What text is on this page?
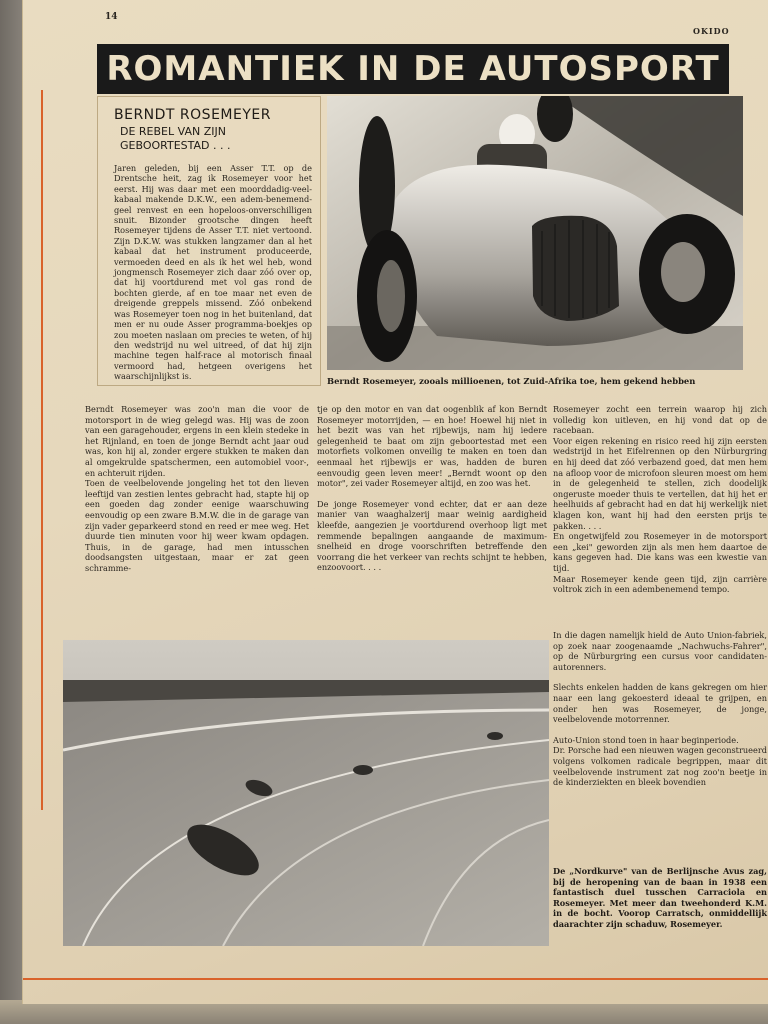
14
OKIDO
ROMANTIEK IN DE AUTOSPORT
BERNDT ROSEMEYER
DE REBEL VAN ZIJN GEBOORTESTAD . . .
Jaren geleden, bij een Asser T.T. op de Drentsche heit, zag ik Rosemeyer voor het eerst. Hij was daar met een moorddadig-veel-kabaal makende D.K.W., een adem-benemend-geel renvest en een hopeloos-onverschilligen snuit. Bizonder grootsche dingen heeft Rosemeyer tijdens de Asser T.T. niet vertoond. Zijn D.K.W. was stukken langzamer dan al het kabaal dat het instrument produceerde, vermoeden deed en als ik het wel heb, wond jongmensch Rosemeyer zich daar zóó over op, dat hij voortdurend met vol gas rond de bochten gierde, af en toe maar net even de dreigende greppels missend. Zóó onbekend was Rosemeyer toen nog in het buitenland, dat men er nu oude Asser programma-boekjes op zou moeten naslaan om precies te weten, of hij den wedstrijd nu wel uitreed, of dat hij zijn machine tegen half-race al motorisch finaal vermoord had, hetgeen overigens het waarschijnlijkst is.	Berndt Rosemeyer, zooals millioenen, tot Zuid-Afrika toe, hem gekend hebben

Berndt Rosemeyer was zoo'n man die voor de motorsport in de wieg gelegd was. Hij was de zoon van een garagehouder, ergens in een klein stedeke in het Rijnland, en toen de jonge Berndt acht jaar oud was, kon hij al, zonder ergere stukken te maken dan al omgekrulde spatschermen, een automobiel voor-, en achteruit rijden.

Toen de veelbelovende jongeling het tot den lieven leeftijd van zestien lentes gebracht had, stapte hij op een goeden dag zonder eenige waarschuwing eenvoudig op een zware B.M.W. die in de garage van zijn vader geparkeerd stond en reed er mee weg. Het duurde tien minuten voor hij weer kwam opdagen. Thuis, in de garage, had men intusschen doodsangsten uitgestaan, maar er zat geen schramme-

tje op den motor en van dat oogenblik af kon Berndt Rosemeyer motorrijden, — en hoe! Hoewel hij niet in het bezit was van het rijbewijs, nam hij iedere gelegenheid te baat om zijn geboortestad met een motorfiets volkomen onveilig te maken en toen dan eenmaal het rijbewijs er was, hadden de buren eenvoudig geen leven meer! „Berndt woont op den motor", zei vader Rosemeyer altijd, en zoo was het.

De jonge Rosemeyer vond echter, dat er aan deze manier van waaghalzerij maar weinig aardigheid kleefde, aangezien je voortdurend overhoop ligt met remmende bepalingen aangaande de maximum-snelheid en droge voorschriften betreffende den voorrang die het verkeer van rechts schijnt te hebben, enzoovoort. . . .

Rosemeyer zocht een terrein waarop hij zich volledig kon uitleven, en hij vond dat op de racebaan.

Voor eigen rekening en risico reed hij zijn eersten wedstrijd in het Eifelrennen op den Nürburgring en hij deed dat zóó verbazend goed, dat men hem na afloop voor de microfoon sleuren moest om hem in de gelegenheid te stellen, zich doodelijk ongeruste moeder thuis te vertellen, dat hij het er heelhuids af gebracht had en dat hij werkelijk niet klagen kon, want hij had den eersten prijs te pakken. . . .

En ongetwijfeld zou Rosemeyer in de motorsport een „kei" geworden zijn als men hem daartoe de kans gegeven had. Die kans was een kwestie van tijd.

Maar Rosemeyer kende geen tijd, zijn carrière voltrok zich in een adembenemend tempo.

In die dagen namelijk hield de Auto Union-fabriek, op zoek naar zoogenaamde „Nachwuchs-Fahrer", op de Nürburgring een cursus voor candidaten-autorenners.

Slechts enkelen hadden de kans gekregen om hier naar een lang gekoesterd ideaal te grijpen, en onder hen was Rosemeyer, de jonge, veelbelovende motorrenner.

Auto-Union stond toen in haar beginperiode.

Dr. Porsche had een nieuwen wagen geconstrueerd volgens volkomen radicale begrippen, maar dit veelbelovende instrument zat nog zoo'n beetje in de kinderziekten en bleek bovendien

De „Nordkurve" van de Berlijnsche Avus zag, bij de heropening van de baan in 1938 een fantastisch duel tusschen Carraciola en Rosemeyer. Met meer dan tweehonderd K.M. in de bocht. Voorop Carratsch, onmiddellijk daarachter zijn schaduw, Rosemeyer.
